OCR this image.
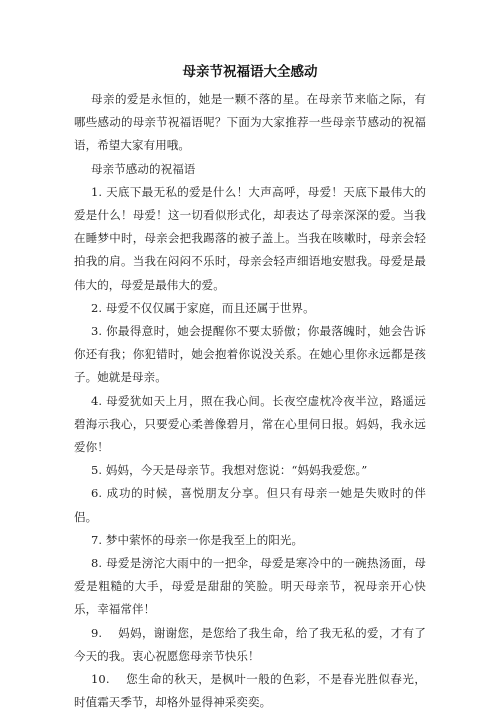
母亲节祝福语大全感动

母亲的爱是永恒的，她是一颗不落的星。在母亲节来临之际，有哪些感动的母亲节祝福语呢？下面为大家推荐一些母亲节感动的祝福语，希望大家有用哦。

母亲节感动的祝福语

1. 天底下最无私的爱是什么！大声高呼，母爱！天底下最伟大的爱是什么！母爱！这一切看似形式化，却表达了母亲深深的爱。当我在睡梦中时，母亲会把我踢落的被子盖上。当我在咳嗽时，母亲会轻拍我的肩。当我在闷闷不乐时，母亲会轻声细语地安慰我。母爱是最伟大的，母爱是最伟大的爱。

2. 母爱不仅仅属于家庭，而且还属于世界。

3. 你最得意时，她会提醒你不要太骄傲；你最落魄时，她会告诉你还有我；你犯错时，她会抱着你说没关系。在她心里你永远都是孩子。她就是母亲。

4. 母爱犹如天上月，照在我心间。长夜空虚枕冷夜半泣，路遥远碧海示我心，只要爱心柔善像碧月，常在心里伺日报。妈妈，我永远爱你！

5. 妈妈，今天是母亲节。我想对您说：“妈妈我爱您。”

6. 成功的时候，喜悦朋友分享。但只有母亲一她是失败时的伴侣。

7. 梦中萦怀的母亲一你是我至上的阳光。

8. 母爱是滂沱大雨中的一把伞，母爱是寒冷中的一碗热汤面，母爱是粗糙的大手，母爱是甜甜的笑脸。明天母亲节，祝母亲开心快乐，幸福常伴！

9.　 妈妈，谢谢您，是您给了我生命，给了我无私的爱，才有了今天的我。衷心祝愿您母亲节快乐！

10.　 您生命的秋天，是枫叶一般的色彩，不是春光胜似春光，时值霜天季节，却格外显得神采奕奕。
